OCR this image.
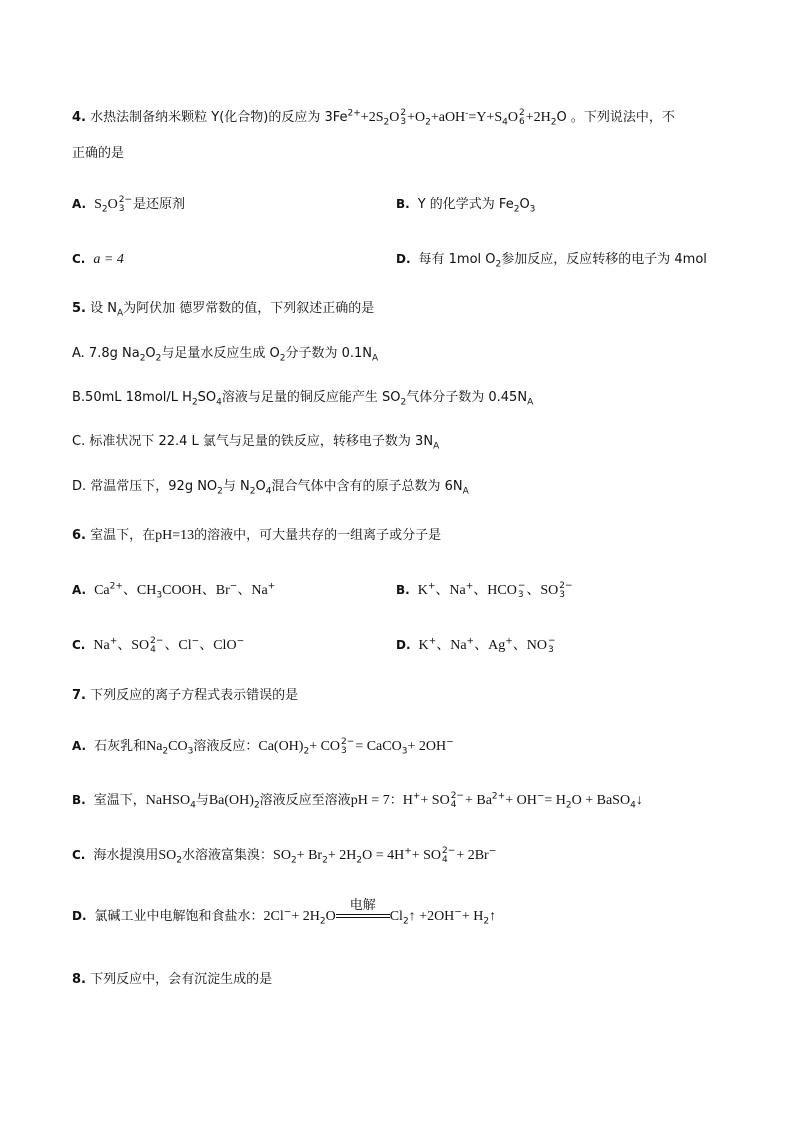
4. 水热法制备纳米颗粒 Y(化合物)的反应为 $3Fe^{2+}+2S_2O$ 2
$3 +O_2+aOH^-=Y+S_4O$ 2
$6 +2H_2O$ 。下列说法中，不
正确的是
A. $S_2O$ 2−
3 是还原剂	B. Y 的化学式为 $Fe_2O_3$
C. a = 4	D. 每有 1mol $O_2$参加反应，反应转移的电子为 4mol
5. 设 $N_A$为阿伏加 德罗常数的值，下列叙述正确的是
A. 7.8g $Na_2O_2$与足量水反应生成 $O_2$分子数为 $0.1N_A$
B.50mL 18mol/L $H_2SO_4$溶液与足量的铜反应能产生 $SO_2$气体分子数为 $0.45N_A$
C. 标准状况下 22.4 L 氯气与足量的铁反应，转移电子数为 $3N_A$
D. 常温常压下，92g $NO_2$与 $N_2O_4$混合气体中含有的原子总数为 $6N_A$
6. 室温下，在pH=13的溶液中，可大量共存的一组离子或分子是
A. $Ca^{2+}$、$CH_3COOH$、Br−、Na+	B. K+、Na+、HCO −
3 、SO 2−
3
C. Na+、SO 2−
4 、Cl−、ClO−	D. K+、Na+、Ag+、NO −
3
7. 下列反应的离子方程式表示错误的是
A. 石灰乳和$Na_2CO_3$溶液反应：$Ca(OH)_2+$ CO 2−
3 = CaCO$_3$+ 2OH−
B. 室温下，NaHSO$_4$与$Ba(OH)_2$溶液反应至溶液pH = 7：H++ SO 2−
$4 + Ba^{2+}+ OH^-= H_2O$ + BaSO$_4$↓
C. 海水提溴用$SO_2$水溶液富集溴：$SO_2+ Br_2+ 2H_2O = 4H^++$ SO 2−
4 + 2Br−
D. 氯碱工业中电解饱和食盐水：$2Cl^-+ 2H_2O$
电解
$Cl_2↑ +2OH^-+$ $H_2↑$
8. 下列反应中，会有沉淀生成的是
